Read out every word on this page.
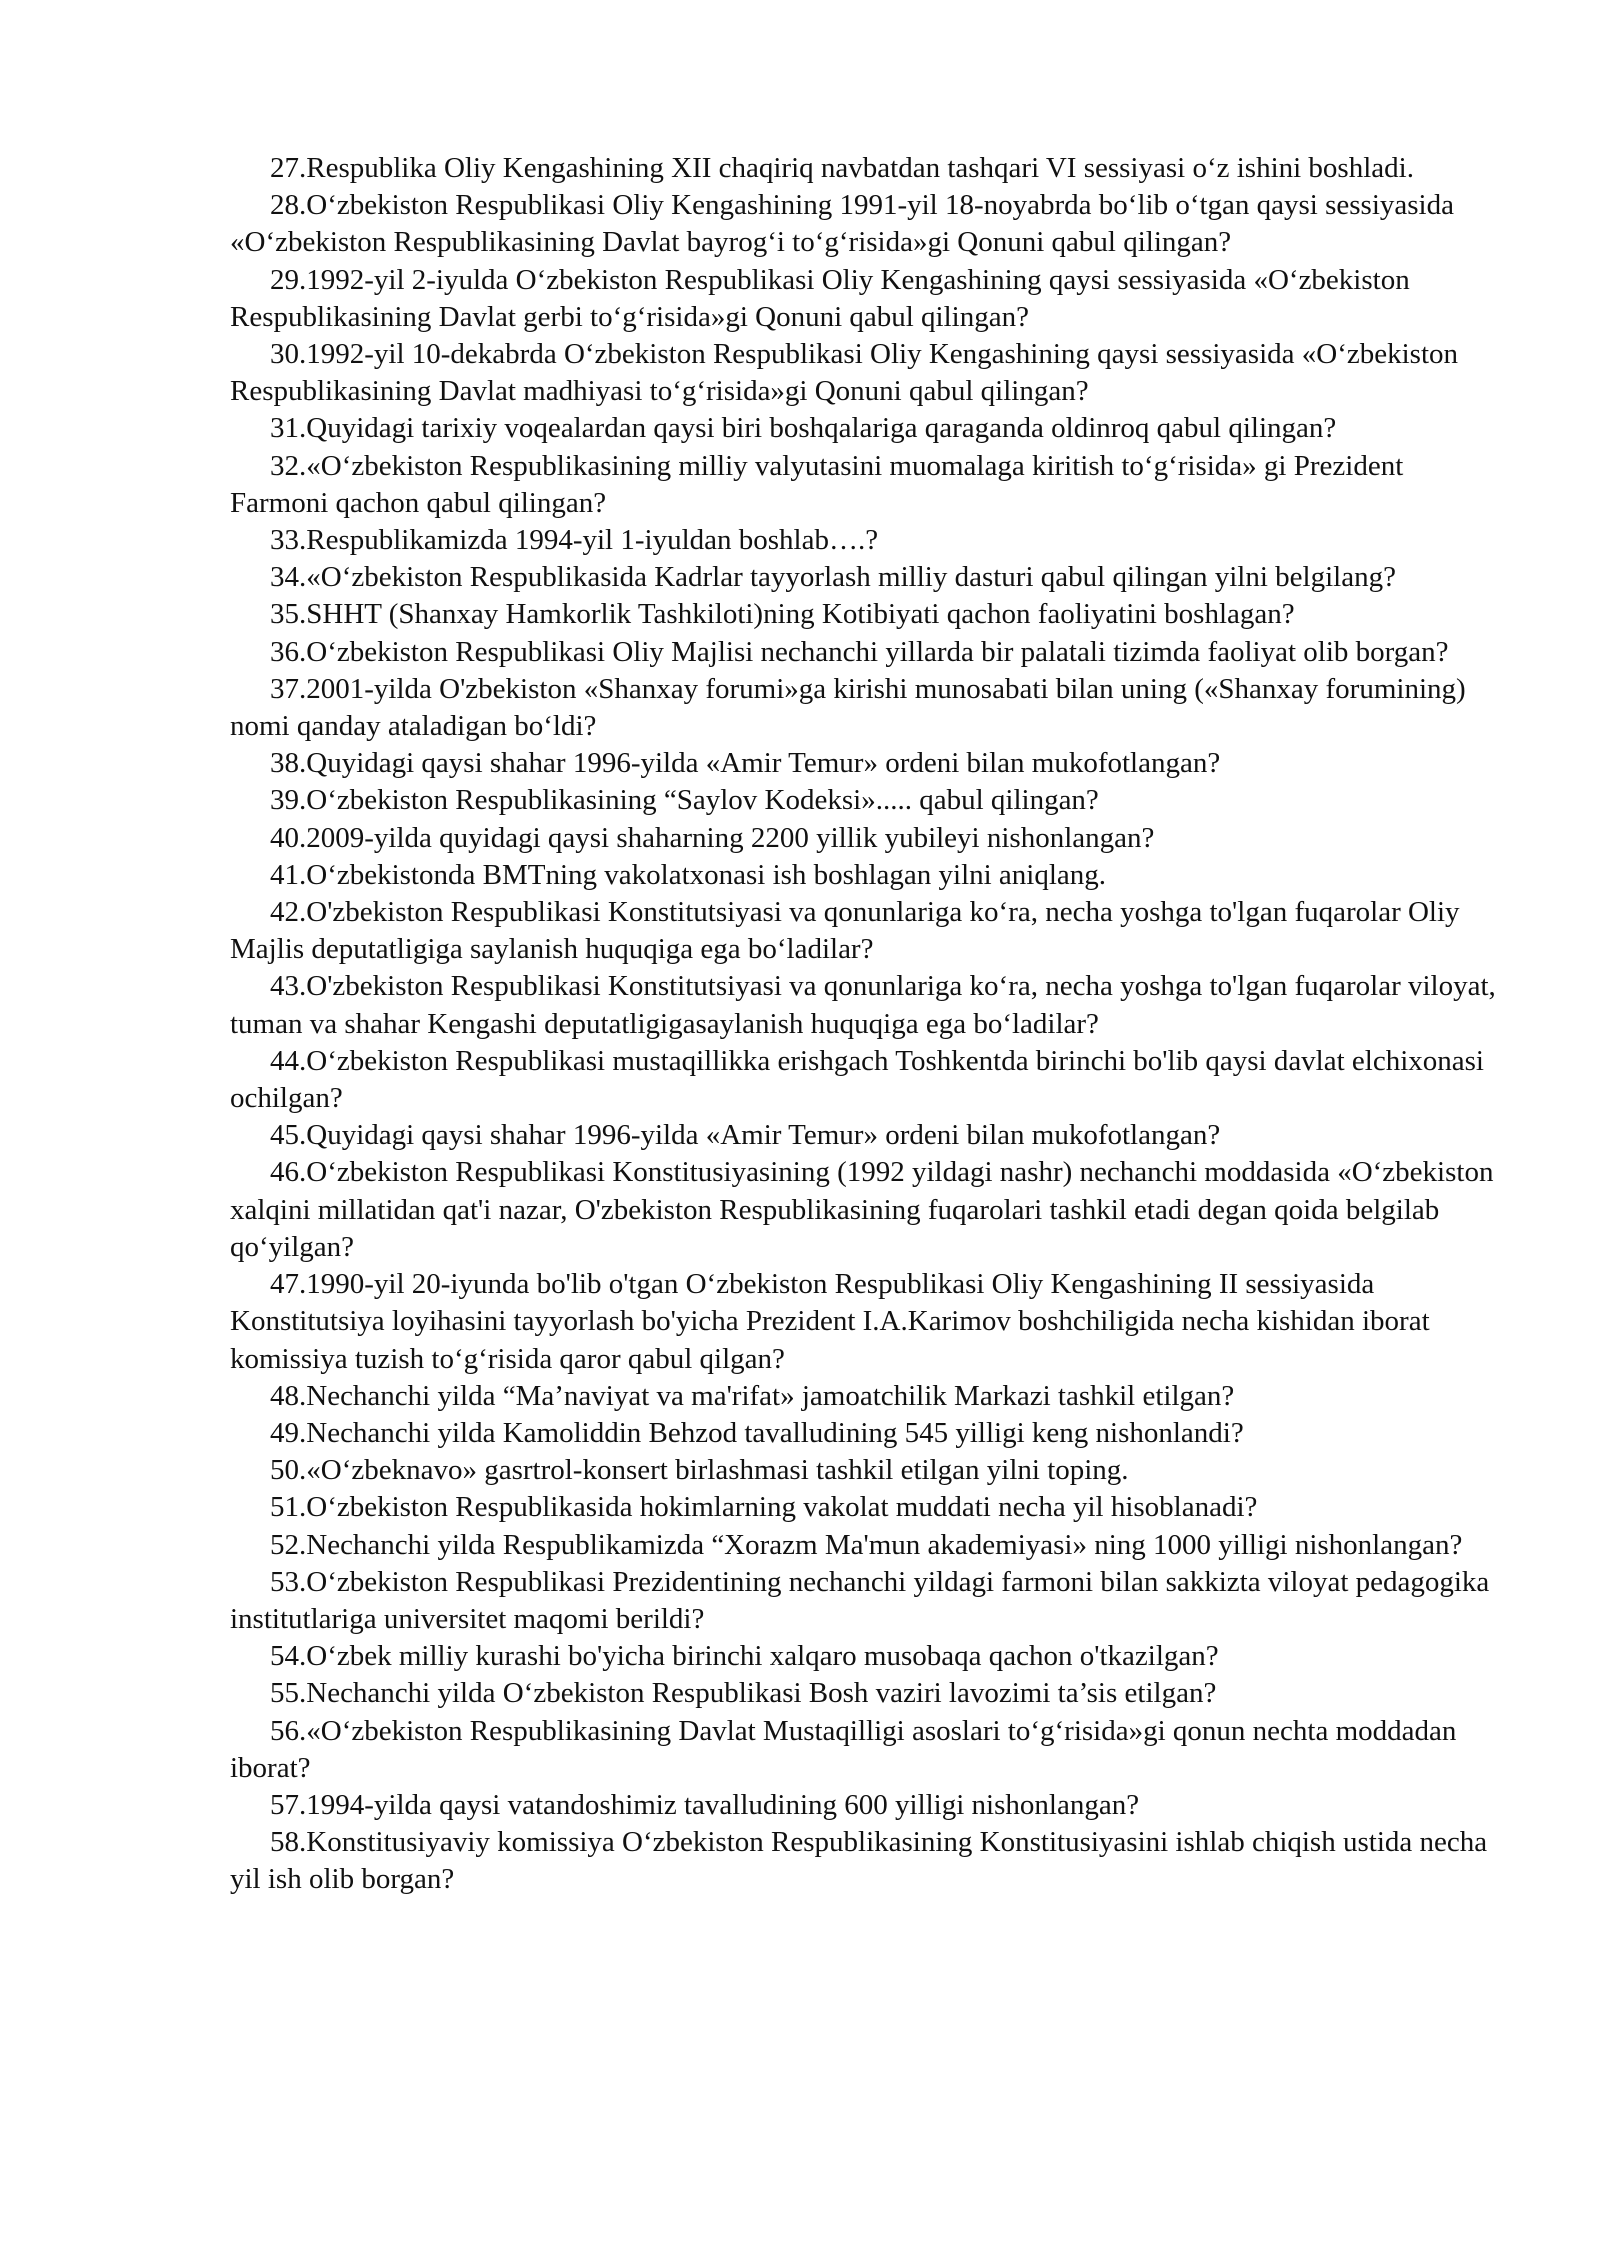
27.Respublika Oliy Kengashining XII chaqiriq navbatdan tashqari VI sessiyasi o‘z ishini boshladi.

28.O‘zbekiston Respublikasi Oliy Kengashining 1991-yil 18-noyabrda bo‘lib o‘tgan qaysi sessiyasida «O‘zbekiston Respublikasining Davlat bayrog‘i to‘g‘risida»gi Qonuni qabul qilingan?

29.1992-yil 2-iyulda O‘zbekiston Respublikasi Oliy Kengashining qaysi sessiyasida «O‘zbekiston Respublikasining Davlat gerbi to‘g‘risida»gi Qonuni qabul qilingan?

30.1992-yil 10-dekabrda O‘zbekiston Respublikasi Oliy Kengashining qaysi sessiyasida «O‘zbekiston Respublikasining Davlat madhiyasi to‘g‘risida»gi Qonuni qabul qilingan?

31.Quyidagi tarixiy voqealardan qaysi biri boshqalariga qaraganda oldinroq qabul qilingan?

32.«O‘zbekiston Respublikasining milliy valyutasini muomalaga kiritish to‘g‘risida» gi Prezident Farmoni qachon qabul qilingan?

33.Respublikamizda 1994-yil 1-iyuldan boshlab….?

34.«O‘zbekiston Respublikasida Kadrlar tayyorlash milliy dasturi qabul qilingan yilni belgilang?

35.SHHT (Shanxay Hamkorlik Tashkiloti)ning Kotibiyati qachon faoliyatini boshlagan?

36.O‘zbekiston Respublikasi Oliy Majlisi nechanchi yillarda bir palatali tizimda faoliyat olib borgan?

37.2001-yilda O'zbekiston «Shanxay forumi»ga kirishi munosabati bilan uning («Shanxay forumining) nomi qanday ataladigan bo‘ldi?

38.Quyidagi qaysi shahar 1996-yilda «Amir Temur» ordeni bilan mukofotlangan?

39.O‘zbekiston Respublikasining “Saylov Kodeksi»..... qabul qilingan?

40.2009-yilda quyidagi qaysi shaharning 2200 yillik yubileyi nishonlangan?

41.O‘zbekistonda BMTning vakolatxonasi ish boshlagan yilni aniqlang.

42.O'zbekiston Respublikasi Konstitutsiyasi va qonunlariga ko‘ra, necha yoshga to'lgan fuqarolar Oliy Majlis deputatligiga saylanish huquqiga ega bo‘ladilar?

43.O'zbekiston Respublikasi Konstitutsiyasi va qonunlariga ko‘ra, necha yoshga to'lgan fuqarolar viloyat, tuman va shahar Kengashi deputatligigasaylanish huquqiga ega bo‘ladilar?

44.O‘zbekiston Respublikasi mustaqillikka erishgach Toshkentda birinchi bo'lib qaysi davlat elchixonasi ochilgan?

45.Quyidagi qaysi shahar 1996-yilda «Amir Temur» ordeni bilan mukofotlangan?

46.O‘zbekiston Respublikasi Konstitusiyasining (1992 yildagi nashr) nechanchi moddasida «O‘zbekiston xalqini millatidan qat'i nazar, O'zbekiston Respublikasining fuqarolari tashkil etadi degan qoida belgilab qo‘yilgan?

47.1990-yil 20-iyunda bo'lib o'tgan O‘zbekiston Respublikasi Oliy Kengashining II sessiyasida Konstitutsiya loyihasini tayyorlash bo'yicha Prezident I.A.Karimov boshchiligida necha kishidan iborat komissiya tuzish to‘g‘risida qaror qabul qilgan?

48.Nechanchi yilda “Ma’naviyat va ma'rifat» jamoatchilik Markazi tashkil etilgan?

49.Nechanchi yilda Kamoliddin Behzod tavalludining 545 yilligi keng nishonlandi?

50.«O‘zbeknavo» gasrtrol-konsert birlashmasi tashkil etilgan yilni toping.

51.O‘zbekiston Respublikasida hokimlarning vakolat muddati necha yil hisoblanadi?

52.Nechanchi yilda Respublikamizda “Xorazm Ma'mun akademiyasi» ning 1000 yilligi nishonlangan?

53.O‘zbekiston Respublikasi Prezidentining nechanchi yildagi farmoni bilan sakkizta viloyat pedagogika institutlariga universitet maqomi berildi?

54.O‘zbek milliy kurashi bo'yicha birinchi xalqaro musobaqa qachon o'tkazilgan?

55.Nechanchi yilda O‘zbekiston Respublikasi Bosh vaziri lavozimi ta’sis etilgan?

56.«O‘zbekiston Respublikasining Davlat Mustaqilligi asoslari to‘g‘risida»gi qonun nechta moddadan iborat?

57.1994-yilda qaysi vatandoshimiz tavalludining 600 yilligi nishonlangan?

58.Konstitusiyaviy komissiya O‘zbekiston Respublikasining Konstitusiyasini ishlab chiqish ustida necha yil ish olib borgan?
